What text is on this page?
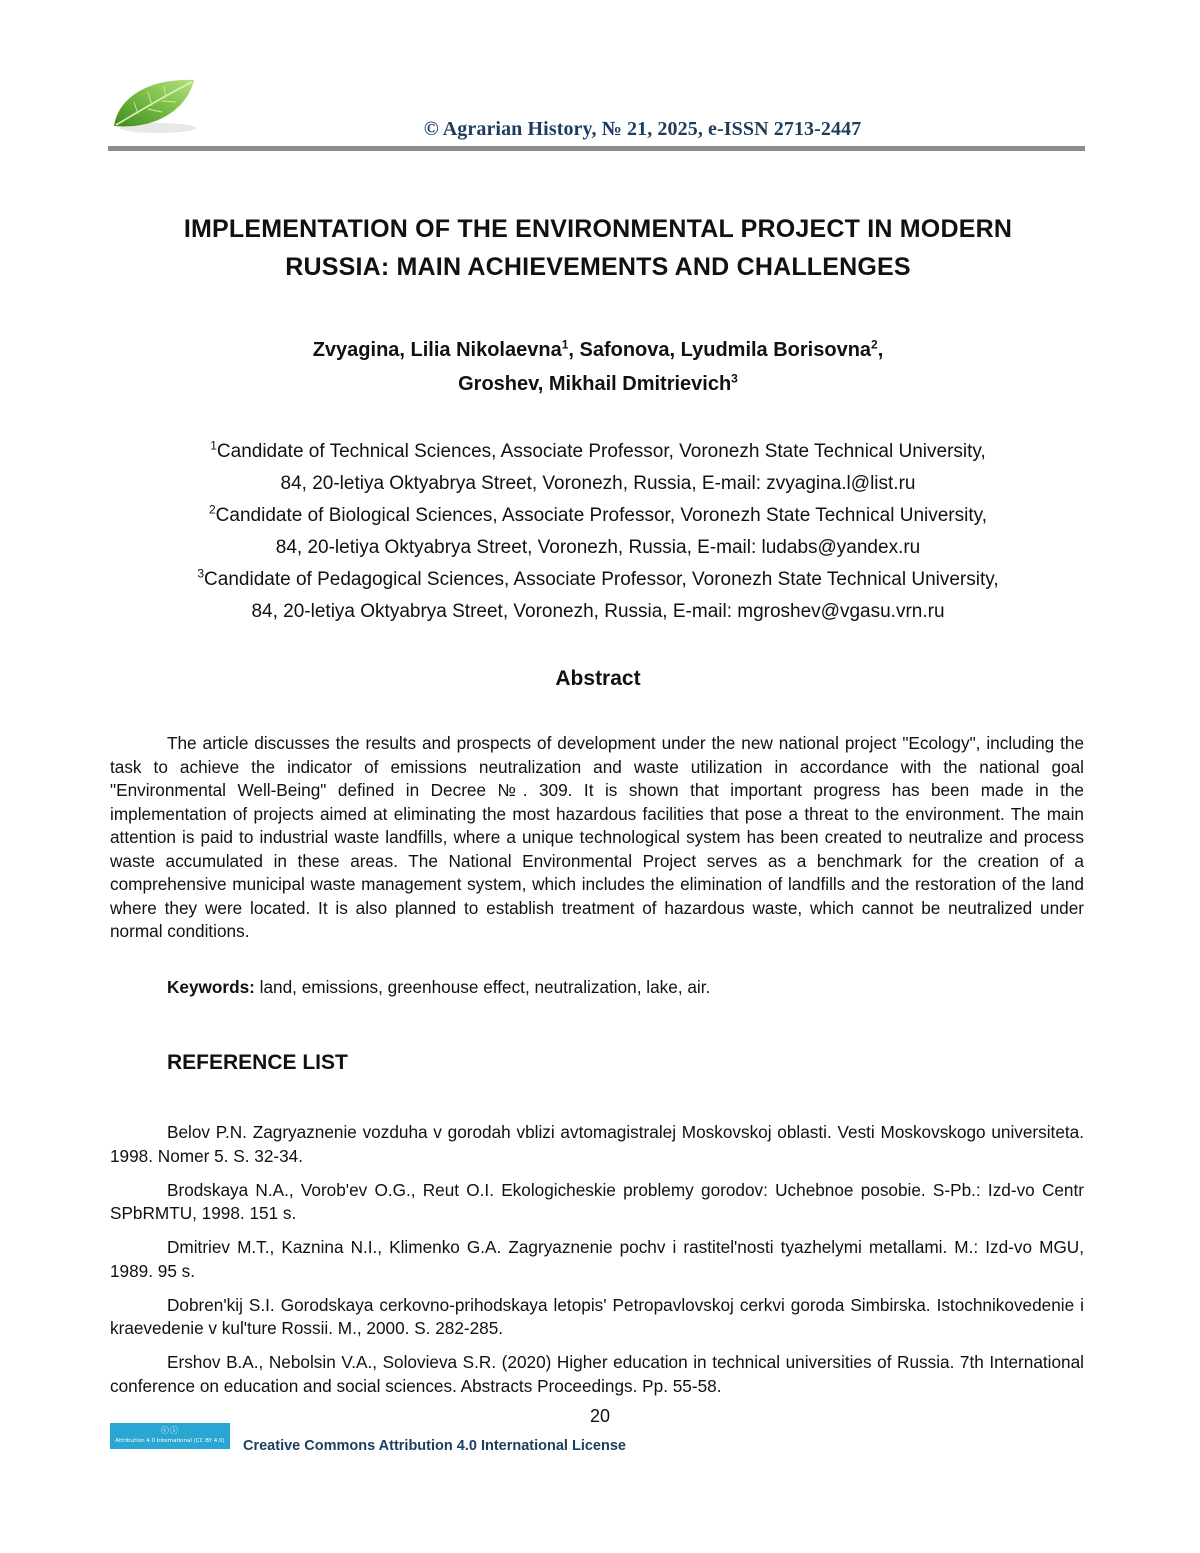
© Agrarian History, № 21, 2025, e-ISSN 2713-2447
IMPLEMENTATION OF THE ENVIRONMENTAL PROJECT IN MODERN
RUSSIA: MAIN ACHIEVEMENTS AND CHALLENGES
Zvyagina, Lilia Nikolaevna$^1$, Safonova, Lyudmila Borisovna$^2$,
Groshev, Mikhail Dmitrievich$^3$
$^1$Candidate of Technical Sciences, Associate Professor, Voronezh State Technical University,
84, 20-letiya Oktyabrya Street, Voronezh, Russia, E-mail: zvyagina.l@list.ru
$^2$Candidate of Biological Sciences, Associate Professor, Voronezh State Technical University,
84, 20-letiya Oktyabrya Street, Voronezh, Russia, E-mail: ludabs@yandex.ru
$^3$Candidate of Pedagogical Sciences, Associate Professor, Voronezh State Technical University,
84, 20-letiya Oktyabrya Street, Voronezh, Russia, E-mail: mgroshev@vgasu.vrn.ru
Abstract
The article discusses the results and prospects of development under the new national project "Ecology", including the task to achieve the indicator of emissions neutralization and waste utilization in accordance with the national goal "Environmental Well-Being" defined in Decree №. 309. It is shown that important progress has been made in the implementation of projects aimed at eliminating the most hazardous facilities that pose a threat to the environment. The main attention is paid to industrial waste landfills, where a unique technological system has been created to neutralize and process waste accumulated in these areas. The National Environmental Project serves as a benchmark for the creation of a comprehensive municipal waste management system, which includes the elimination of landfills and the restoration of the land where they were located. It is also planned to establish treatment of hazardous waste, which cannot be neutralized under normal conditions.
Keywords: land, emissions, greenhouse effect, neutralization, lake, air.
REFERENCE LIST

Belov P.N. Zagryaznenie vozduha v gorodah vblizi avtomagistralej Moskovskoj oblasti. Vesti Moskovskogo universiteta. 1998. Nomer 5. S. 32-34.

Brodskaya N.A., Vorob'ev O.G., Reut O.I. Ekologicheskie problemy gorodov: Uchebnoe posobie. S-Pb.: Izd-vo Centr SPbRMTU, 1998. 151 s.

Dmitriev M.T., Kaznina N.I., Klimenko G.A. Zagryaznenie pochv i rastitel'nosti tyazhelymi metallami. M.: Izd-vo MGU, 1989. 95 s.

Dobren'kij S.I. Gorodskaya cerkovno-prihodskaya letopis' Petropavlovskoj cerkvi goroda Simbirska. Istochnikovedenie i kraevedenie v kul'ture Rossii. M., 2000. S. 282-285.

Ershov B.A., Nebolsin V.A., Solovieva S.R. (2020) Higher education in technical universities of Russia. 7th International conference on education and social sciences. Abstracts Proceedings. Pp. 55-58.

20
ⓒⓘ
Attribution 4.0 International (CC BY 4.0)	Creative Commons Attribution 4.0 International License
